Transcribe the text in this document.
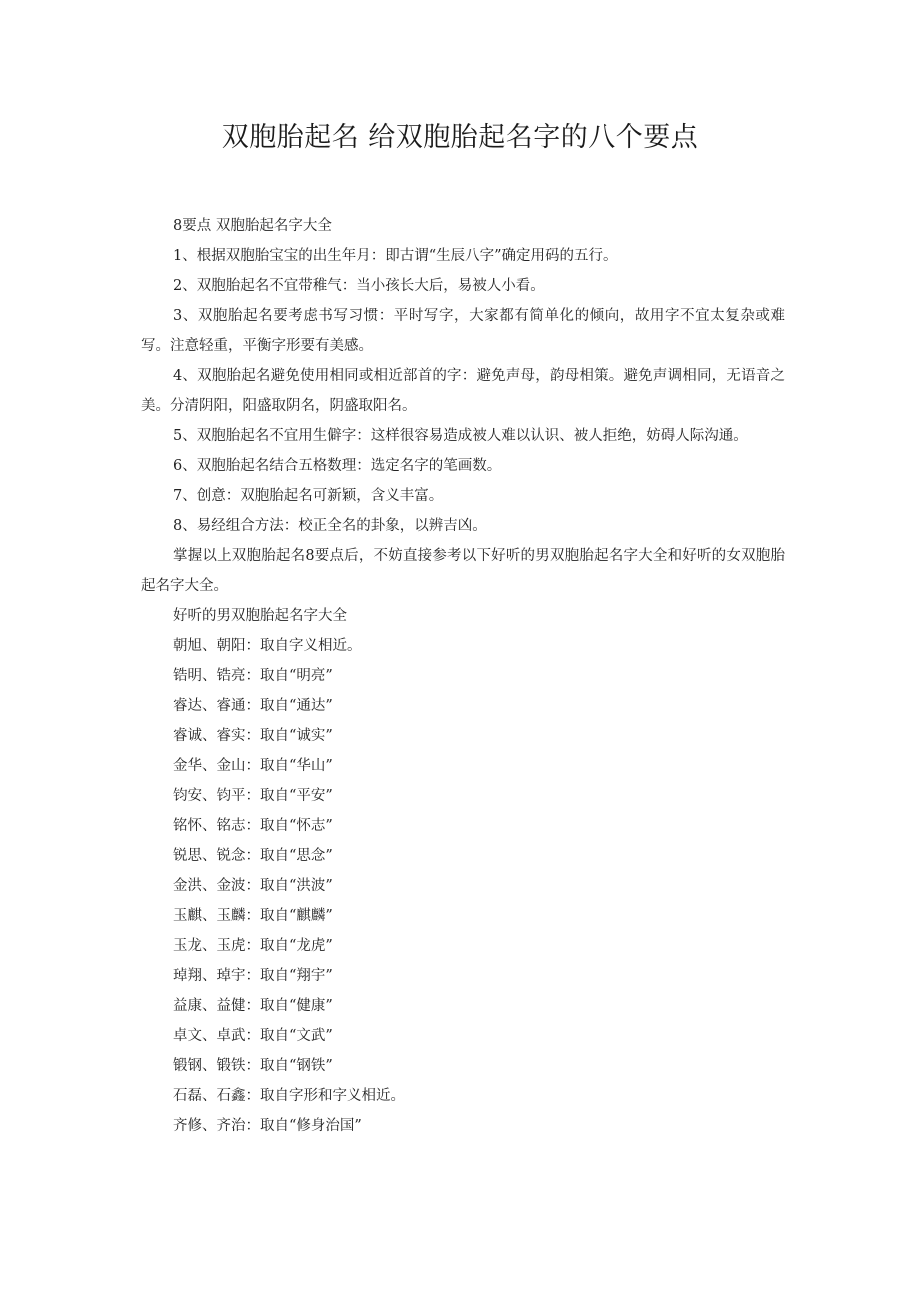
双胞胎起名 给双胞胎起名字的八个要点

8要点 双胞胎起名字大全

1、根据双胞胎宝宝的出生年月：即古谓“生辰八字”确定用码的五行。

2、双胞胎起名不宜带稚气：当小孩长大后，易被人小看。

3、双胞胎起名要考虑书写习惯：平时写字，大家都有简单化的倾向，故用字不宜太复杂或难写。注意轻重，平衡字形要有美感。

4、双胞胎起名避免使用相同或相近部首的字：避免声母，韵母相策。避免声调相同，无语音之美。分清阴阳，阳盛取阴名，阴盛取阳名。

5、双胞胎起名不宜用生僻字：这样很容易造成被人难以认识、被人拒绝，妨碍人际沟通。

6、双胞胎起名结合五格数理：选定名字的笔画数。

7、创意：双胞胎起名可新颖，含义丰富。

8、易经组合方法：校正全名的卦象，以辨吉凶。

掌握以上双胞胎起名8要点后，不妨直接参考以下好听的男双胞胎起名字大全和好听的女双胞胎起名字大全。

好听的男双胞胎起名字大全

朝旭、朝阳：取自字义相近。

锆明、锆亮：取自“明亮”

睿达、睿通：取自“通达”

睿诚、睿实：取自“诚实”

金华、金山：取自“华山”

钧安、钧平：取自“平安”

铭怀、铭志：取自“怀志”

锐思、锐念：取自“思念”

金洪、金波：取自“洪波”

玉麒、玉麟：取自“麒麟”

玉龙、玉虎：取自“龙虎”

琸翔、琸宇：取自“翔宇”

益康、益健：取自“健康”

卓文、卓武：取自“文武”

锻钢、锻铁：取自“钢铁”

石磊、石鑫：取自字形和字义相近。

齐修、齐治：取自“修身治国”
